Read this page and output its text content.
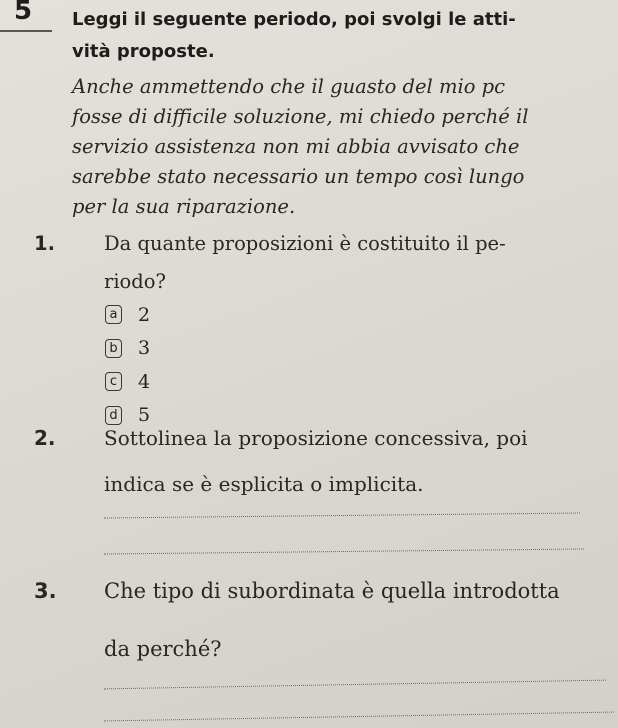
5 Leggi il seguente periodo, poi svolgi le atti-
vità proposte.
Anche ammettendo che il guasto del mio pc
fosse di difficile soluzione, mi chiedo perché il
servizio assistenza non mi abbia avvisato che
sarebbe stato necessario un tempo così lungo
per la sua riparazione.
1.	Da quante proposizioni è costituito il pe-
riodo?
a 2
b 3
c 4
d 5
2. Sottolinea la proposizione concessiva, poi
indica se è esplicita o implicita.
3. Che tipo di subordinata è quella introdotta
da perché?
